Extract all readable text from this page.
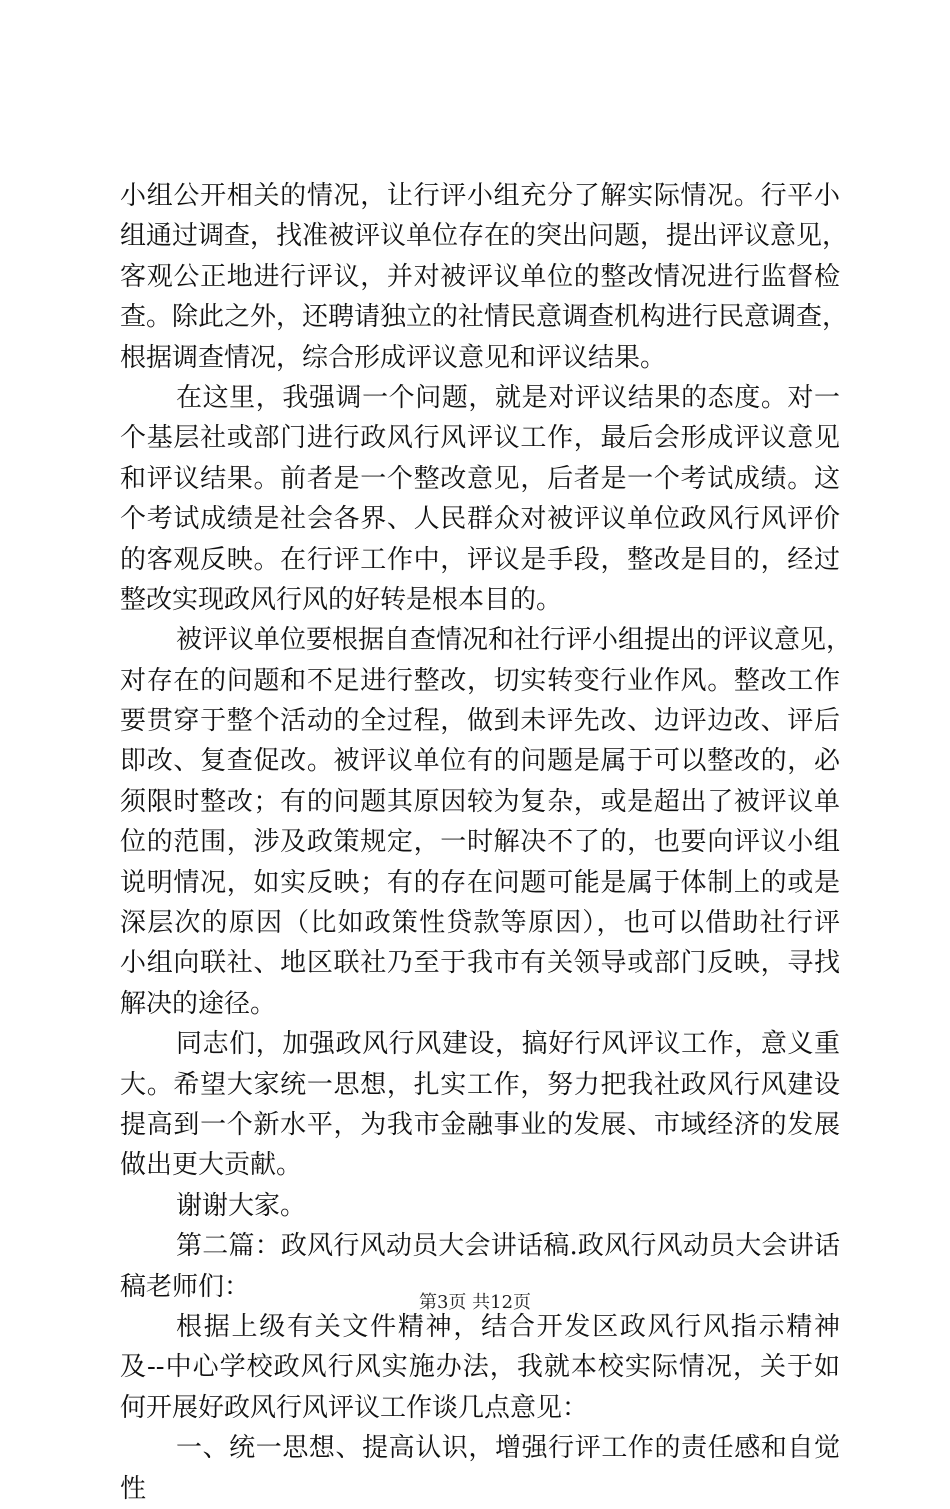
小组公开相关的情况，让行评小组充分了解实际情况。行平小
组通过调查，找准被评议单位存在的突出问题，提出评议意见，
客观公正地进行评议，并对被评议单位的整改情况进行监督检
查。除此之外，还聘请独立的社情民意调查机构进行民意调查，
根据调查情况，综合形成评议意见和评议结果。
在这里，我强调一个问题，就是对评议结果的态度。对一
个基层社或部门进行政风行风评议工作，最后会形成评议意见
和评议结果。前者是一个整改意见，后者是一个考试成绩。这
个考试成绩是社会各界、人民群众对被评议单位政风行风评价
的客观反映。在行评工作中，评议是手段，整改是目的，经过
整改实现政风行风的好转是根本目的。
被评议单位要根据自查情况和社行评小组提出的评议意见，
对存在的问题和不足进行整改，切实转变行业作风。整改工作
要贯穿于整个活动的全过程，做到未评先改、边评边改、评后
即改、复查促改。被评议单位有的问题是属于可以整改的，必
须限时整改；有的问题其原因较为复杂，或是超出了被评议单
位的范围，涉及政策规定，一时解决不了的，也要向评议小组
说明情况，如实反映；有的存在问题可能是属于体制上的或是
深层次的原因（比如政策性贷款等原因），也可以借助社行评
小组向联社、地区联社乃至于我市有关领导或部门反映，寻找
解决的途径。
同志们，加强政风行风建设，搞好行风评议工作，意义重
大。希望大家统一思想，扎实工作，努力把我社政风行风建设
提高到一个新水平，为我市金融事业的发展、市域经济的发展
做出更大贡献。
谢谢大家。
第二篇：政风行风动员大会讲话稿.政风行风动员大会讲话
稿老师们：
根据上级有关文件精神，结合开发区政风行风指示精神
及--中心学校政风行风实施办法，我就本校实际情况，关于如
何开展好政风行风评议工作谈几点意见：
一、统一思想、提高认识，增强行评工作的责任感和自觉
性
第3页 共12页
